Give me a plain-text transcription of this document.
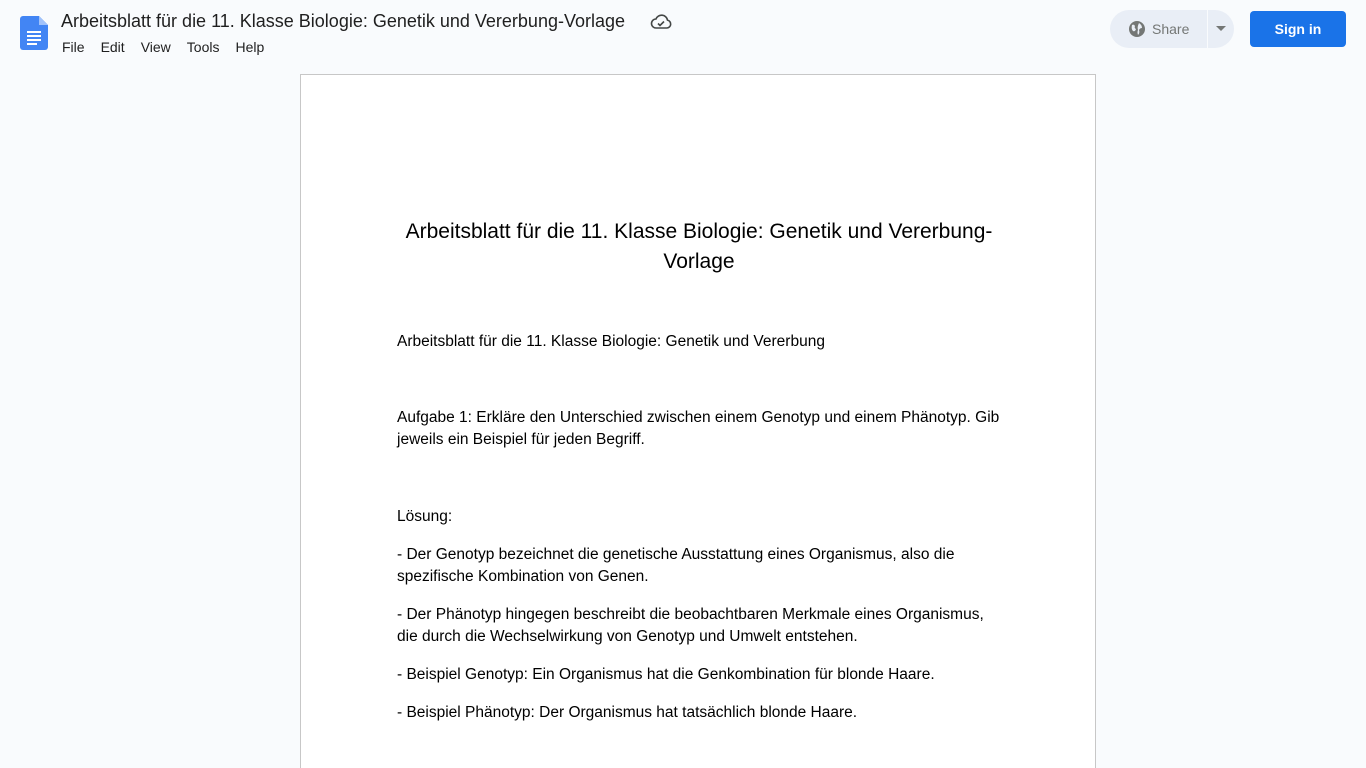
Arbeitsblatt für die 11. Klasse Biologie: Genetik und Vererbung-Vorlage
File	Edit	View	Tools	Help
Share	Sign in
Arbeitsblatt für die 11. Klasse Biologie: Genetik und Vererbung-Vorlage

Arbeitsblatt für die 11. Klasse Biologie: Genetik und Vererbung

Aufgabe 1: Erkläre den Unterschied zwischen einem Genotyp und einem Phänotyp. Gib jeweils ein Beispiel für jeden Begriff.

Lösung:

- Der Genotyp bezeichnet die genetische Ausstattung eines Organismus, also die spezifische Kombination von Genen.

- Der Phänotyp hingegen beschreibt die beobachtbaren Merkmale eines Organismus, die durch die Wechselwirkung von Genotyp und Umwelt entstehen.

- Beispiel Genotyp: Ein Organismus hat die Genkombination für blonde Haare.

- Beispiel Phänotyp: Der Organismus hat tatsächlich blonde Haare.
